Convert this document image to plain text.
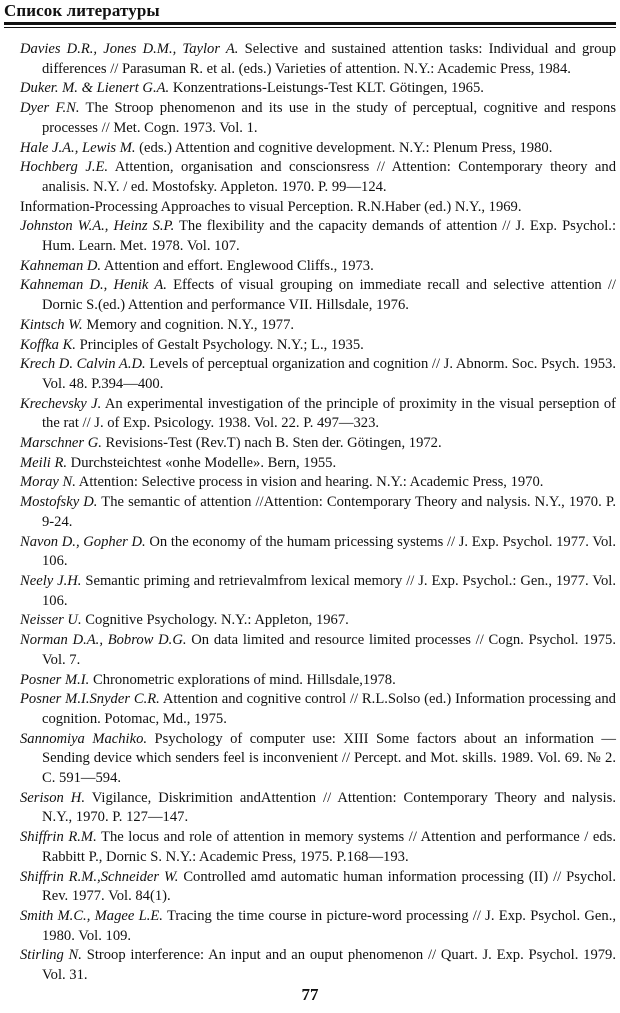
Список литературы
Davies D.R., Jones D.M., Taylor A. Selective and sustained attention tasks: Individual and group differences // Parasuman R. et al. (eds.) Varieties of attention. N.Y.: Academic Press, 1984.
Duker. M. & Lienert G.A. Konzentrations-Leistungs-Test KLT. Götingen, 1965.
Dyer F.N. The Stroop phenomenon and its use in the study of perceptual, cognitive and respons processes // Met. Cogn. 1973. Vol. 1.
Hale J.A., Lewis M. (eds.) Attention and cognitive development. N.Y.: Plenum Press, 1980.
Hochberg J.E. Attention, organisation and conscionsress // Attention: Contemporary theory and analisis. N.Y. / ed. Mostofsky. Appleton. 1970. P. 99—124.
Information-Processing Approaches to visual Perception. R.N.Haber (ed.) N.Y., 1969.
Johnston W.A., Heinz S.P. The flexibility and the capacity demands of attention // J. Exp. Psychol.: Hum. Learn. Met. 1978. Vol. 107.
Kahneman D. Attention and effort. Englewood Cliffs., 1973.
Kahneman D., Henik A. Effects of visual grouping on immediate recall and selective attention // Dornic S.(ed.) Attention and performance VII. Hillsdale, 1976.
Kintsch W. Memory and cognition. N.Y., 1977.
Koffka K. Principles of Gestalt Psychology. N.Y.; L., 1935.
Krech D. Calvin A.D. Levels of perceptual organization and cognition // J. Abnorm. Soc. Psych. 1953. Vol. 48. P.394—400.
Krechevsky J. An experimental investigation of the principle of proximity in the visual perseption of the rat // J. of Exp. Psicology. 1938. Vol. 22. P. 497—323.
Marschner G. Revisions-Test (Rev.T) nach B. Sten der. Götingen, 1972.
Meili R. Durchsteichtest «onhe Modelle». Bern, 1955.
Moray N. Attention: Selective process in vision and hearing. N.Y.: Academic Press, 1970.
Mostofsky D. The semantic of attention //Attention: Contemporary Theory and nalysis. N.Y., 1970. P. 9-24.
Navon D., Gopher D. On the economy of the humam pricessing systems // J. Exp. Psychol. 1977. Vol. 106.
Neely J.H. Semantic priming and retrievalmfrom lexical memory // J. Exp. Psychol.: Gen., 1977. Vol. 106.
Neisser U. Cognitive Psychology. N.Y.: Appleton, 1967.
Norman D.A., Bobrow D.G. On data limited and resource limited processes // Cogn. Psychol. 1975. Vol. 7.
Posner M.I. Chronometric explorations of mind. Hillsdale,1978.
Posner M.I.Snyder C.R. Attention and cognitive control // R.L.Solso (ed.) Information processing and cognition. Potomac, Md., 1975.
Sannomiya Machiko. Psychology of computer use: XIII Some factors about an information — Sending device which senders feel is inconvenient // Percept. and Mot. skills. 1989. Vol. 69. № 2. C. 591—594.
Serison H. Vigilance, Diskrimition andAttention // Attention: Contemporary Theory and nalysis. N.Y., 1970. P. 127—147.
Shiffrin R.M. The locus and role of attention in memory systems // Attention and performance / eds. Rabbitt P., Dornic S. N.Y.: Academic Press, 1975. P.168—193.
Shiffrin R.M.,Schneider W. Controlled amd automatic human information processing (II) // Psychol. Rev. 1977. Vol. 84(1).
Smith M.C., Magee L.E. Tracing the time course in picture-word processing // J. Exp. Psychol. Gen., 1980. Vol. 109.
Stirling N. Stroop interference: An input and an ouput phenomenon // Quart. J. Exp. Psychol. 1979. Vol. 31.
77
